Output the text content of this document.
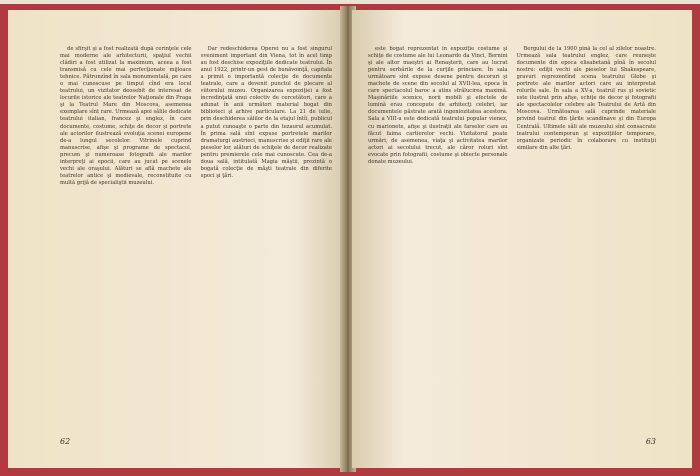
de sfîrşit şi a fost realizată după cerinţele cele mai moderne ale arhitecturii, spaţiul vechii clădiri a fost utilizat la maximum, aceea a fost transmisă cu cele mai perfecţionate mijloace tehnice. Pătrunzînd în sala monumentală, pe care o mai cunoscuse pe timpul cînd era locul teatrului, un vizitator deosebit de interesat de locurile istorice ale teatrelor Naţionale din Praga şi la Teatrul Mare din Moscova, asemenea exemplare sînt rare. Urmează apoi sălile dedicate teatrului italian, francez şi englez, în care documente, costume, schiţe de decor şi portrete ale actorilor ilustrează evoluţia scenei europene de-a lungul secolelor. Vitrinele cuprind manuscrise, afişe şi programe de spectacol, precum şi numeroase fotografii ale marilor interpreţi ai epocii, care au jucat pe scenele vechi ale oraşului. Alături se află machete ale teatrelor antice şi medievale, reconstituite cu multă grijă de specialiştii muzeului.

Dar redeschiderea Operei nu a fost singurul eveniment important din Viena, tot în acel timp au fost deschise expoziţiile dedicate teatrului. În anul 1922, printr-un gest de bunăvoinţă, capitala a primit o importantă colecţie de documente teatrale, care a devenit punctul de plecare al viitorului muzeu. Organizarea expoziţiei a fost încredinţată unui colectiv de cercetători, care a adunat în anii următori material bogat din biblioteci şi arhive particulare. La 21 de iulie, prin deschiderea sălilor de la etajul întîi, publicul a putut cunoaşte o parte din tezaurul acumulat. În prima sală sînt expuse portretele marilor dramaturgi austrieci, manuscrise şi ediţii rare ale pieselor lor, alături de schiţele de decor realizate pentru premierele cele mai cunoscute. Cea de-a doua sală, intitulată Magia măştii, prezintă o bogată colecţie de măşti teatrale din diferite epoci şi ţări.

62

este bogat reprezentat în expoziţie costume şi schiţe de costume ale lui Leonardo da Vinci, Bernini şi ale altor maeştri ai Renaşterii, care au lucrat pentru serbările de la curţile princiare. În sala următoare sînt expuse desene pentru decoruri şi machete de scene din secolul al XVII-lea, epoca în care spectacolul baroc a atins strălucirea maximă. Maşinăriile scenice, norii mobili şi efectele de lumină erau concepute de arhitecţi celebri, iar documentele păstrate arată ingeniozitatea acestora. Sala a VIII-a este dedicată teatrului popular vienez, cu marionete, afişe şi ilustraţii ale farselor care au făcut faima cartierelor vechi. Vizitatorul poate urmări, de asemenea, viaţa şi activitatea marilor actori ai secolului trecut, ale căror roluri sînt evocate prin fotografii, costume şi obiecte personale donate muzeului.

Bergului de la 1900 pînă la cel al zilelor noastre. Urmează sala teatrului englez, care reuneşte documente din epoca elisabetană pînă în secolul nostru: ediţii vechi ale pieselor lui Shakespeare, gravuri reprezentînd scena teatrului Globe şi portrete ale marilor actori care au interpretat rolurile sale. În sala a XV-a, teatrul rus şi sovietic este ilustrat prin afişe, schiţe de decor şi fotografii ale spectacolelor celebre ale Teatrului de Artă din Moscova. Următoarea sală cuprinde materiale privind teatrul din ţările scandinave şi din Europa Centrală. Ultimele săli ale muzeului sînt consacrate teatrului contemporan şi expoziţiilor temporare, organizate periodic în colaborare cu instituţii similare din alte ţări.

63
